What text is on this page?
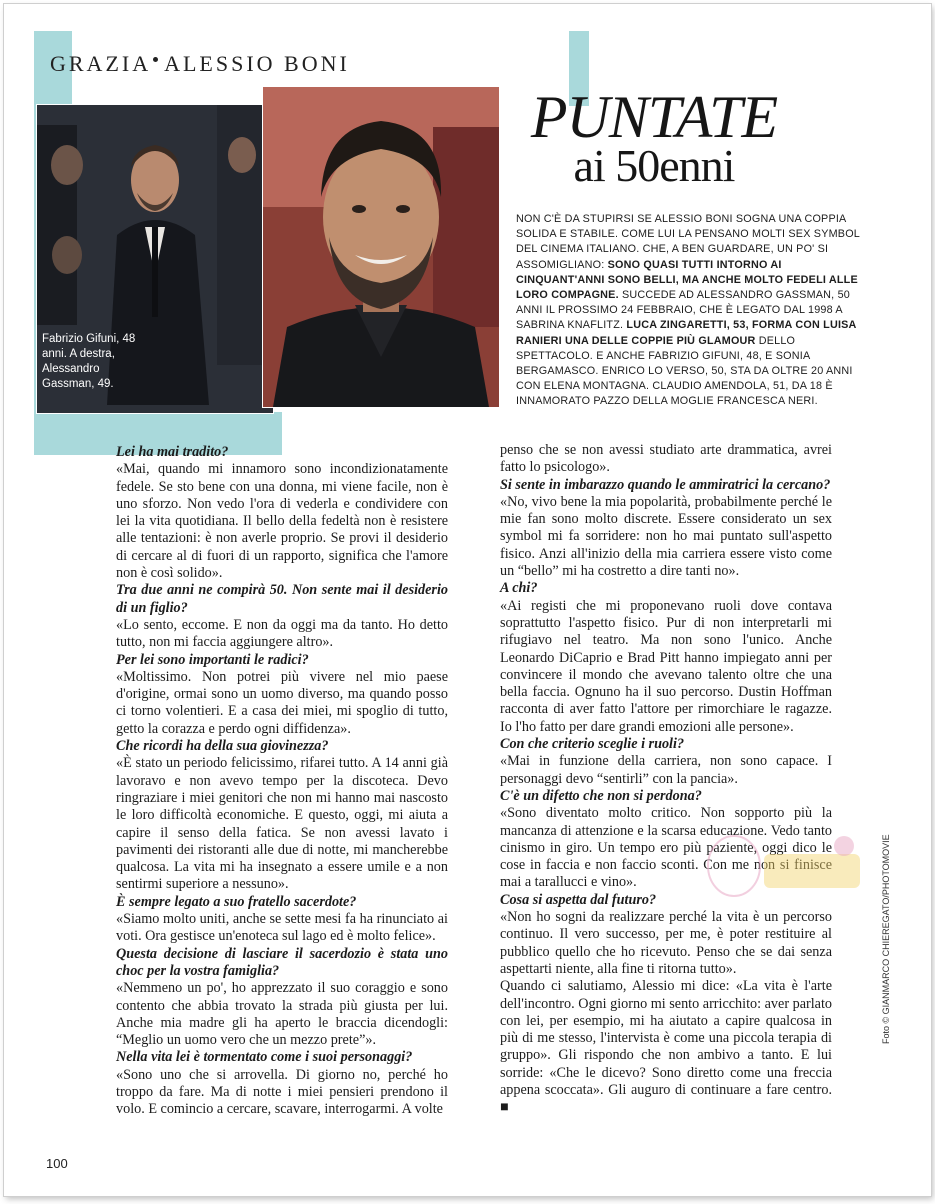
GRAZIA ALESSIO BONI
Fabrizio Gifuni, 48 anni. A destra, Alessandro Gassman, 49.
PUNTATE
ai 50enni
NON C'È DA STUPIRSI SE ALESSIO BONI SOGNA UNA COPPIA SOLIDA E STABILE. COME LUI LA PENSANO MOLTI SEX SYMBOL DEL CINEMA ITALIANO. CHE, A BEN GUARDARE, UN PO' SI ASSOMIGLIANO: SONO QUASI TUTTI INTORNO AI CINQUANT'ANNI SONO BELLI, MA ANCHE MOLTO FEDELI ALLE LORO COMPAGNE. SUCCEDE AD ALESSANDRO GASSMAN, 50 ANNI IL PROSSIMO 24 FEBBRAIO, CHE È LEGATO DAL 1998 A SABRINA KNAFLITZ. LUCA ZINGARETTI, 53, FORMA CON LUISA RANIERI UNA DELLE COPPIE PIÙ GLAMOUR DELLO SPETTACOLO. E ANCHE FABRIZIO GIFUNI, 48, E SONIA BERGAMASCO. ENRICO LO VERSO, 50, STA DA OLTRE 20 ANNI CON ELENA MONTAGNA. CLAUDIO AMENDOLA, 51, DA 18 È INNAMORATO PAZZO DELLA MOGLIE FRANCESCA NERI.

Lei ha mai tradito?

«Mai, quando mi innamoro sono incondizionatamente fedele. Se sto bene con una donna, mi viene facile, non è uno sforzo. Non vedo l'ora di vederla e condividere con lei la vita quotidiana. Il bello della fedeltà non è resistere alle tentazioni: è non averle proprio. Se provi il desiderio di cercare al di fuori di un rapporto, significa che l'amore non è così solido».

Tra due anni ne compirà 50. Non sente mai il desiderio di un figlio?

«Lo sento, eccome. E non da oggi ma da tanto. Ho detto tutto, non mi faccia aggiungere altro».

Per lei sono importanti le radici?

«Moltissimo. Non potrei più vivere nel mio paese d'origine, ormai sono un uomo diverso, ma quando posso ci torno volentieri. E a casa dei miei, mi spoglio di tutto, getto la corazza e perdo ogni diffidenza».

Che ricordi ha della sua giovinezza?

«È stato un periodo felicissimo, rifarei tutto. A 14 anni già lavoravo e non avevo tempo per la discoteca. Devo ringraziare i miei genitori che non mi hanno mai nascosto le loro difficoltà economiche. E questo, oggi, mi aiuta a capire il senso della fatica. Se non avessi lavato i pavimenti dei ristoranti alle due di notte, mi mancherebbe qualcosa. La vita mi ha insegnato a essere umile e a non sentirmi superiore a nessuno».

È sempre legato a suo fratello sacerdote?

«Siamo molto uniti, anche se sette mesi fa ha rinunciato ai voti. Ora gestisce un'enoteca sul lago ed è molto felice».

Questa decisione di lasciare il sacerdozio è stata uno choc per la vostra famiglia?

«Nemmeno un po', ho apprezzato il suo coraggio e sono contento che abbia trovato la strada più giusta per lui. Anche mia madre gli ha aperto le braccia dicendogli: “Meglio un uomo vero che un mezzo prete”».

Nella vita lei è tormentato come i suoi personaggi?

«Sono uno che si arrovella. Di giorno no, perché ho troppo da fare. Ma di notte i miei pensieri prendono il volo. E comincio a cercare, scavare, interrogarmi. A volte

penso che se non avessi studiato arte drammatica, avrei fatto lo psicologo».

Si sente in imbarazzo quando le ammiratrici la cercano?

«No, vivo bene la mia popolarità, probabilmente perché le mie fan sono molto discrete. Essere considerato un sex symbol mi fa sorridere: non ho mai puntato sull'aspetto fisico. Anzi all'inizio della mia carriera essere visto come un “bello” mi ha costretto a dire tanti no».

A chi?

«Ai registi che mi proponevano ruoli dove contava soprattutto l'aspetto fisico. Pur di non interpretarli mi rifugiavo nel teatro. Ma non sono l'unico. Anche Leonardo DiCaprio e Brad Pitt hanno impiegato anni per convincere il mondo che avevano talento oltre che una bella faccia. Ognuno ha il suo percorso. Dustin Hoffman racconta di aver fatto l'attore per rimorchiare le ragazze. Io l'ho fatto per dare grandi emozioni alle persone».

Con che criterio sceglie i ruoli?

«Mai in funzione della carriera, non sono capace. I personaggi devo “sentirli” con la pancia».

C'è un difetto che non si perdona?

«Sono diventato molto critico. Non sopporto più la mancanza di attenzione e la scarsa educazione. Vedo tanto cinismo in giro. Un tempo ero più paziente, oggi dico le cose in faccia e non faccio sconti. Con me non si finisce mai a tarallucci e vino».

Cosa si aspetta dal futuro?

«Non ho sogni da realizzare perché la vita è un percorso continuo. Il vero successo, per me, è poter restituire al pubblico quello che ho ricevuto. Penso che se dai senza aspettarti niente, alla fine ti ritorna tutto».

Quando ci salutiamo, Alessio mi dice: «La vita è l'arte dell'incontro. Ogni giorno mi sento arricchito: aver parlato con lei, per esempio, mi ha aiutato a capire qualcosa in più di me stesso, l'intervista è come una piccola terapia di gruppo». Gli rispondo che non ambivo a tanto. E lui sorride: «Che le dicevo? Sono diretto come una freccia appena scoccata». Gli auguro di continuare a fare centro. ■

Foto © GIANMARCO CHIEREGATO/PHOTOMOVIE
100
